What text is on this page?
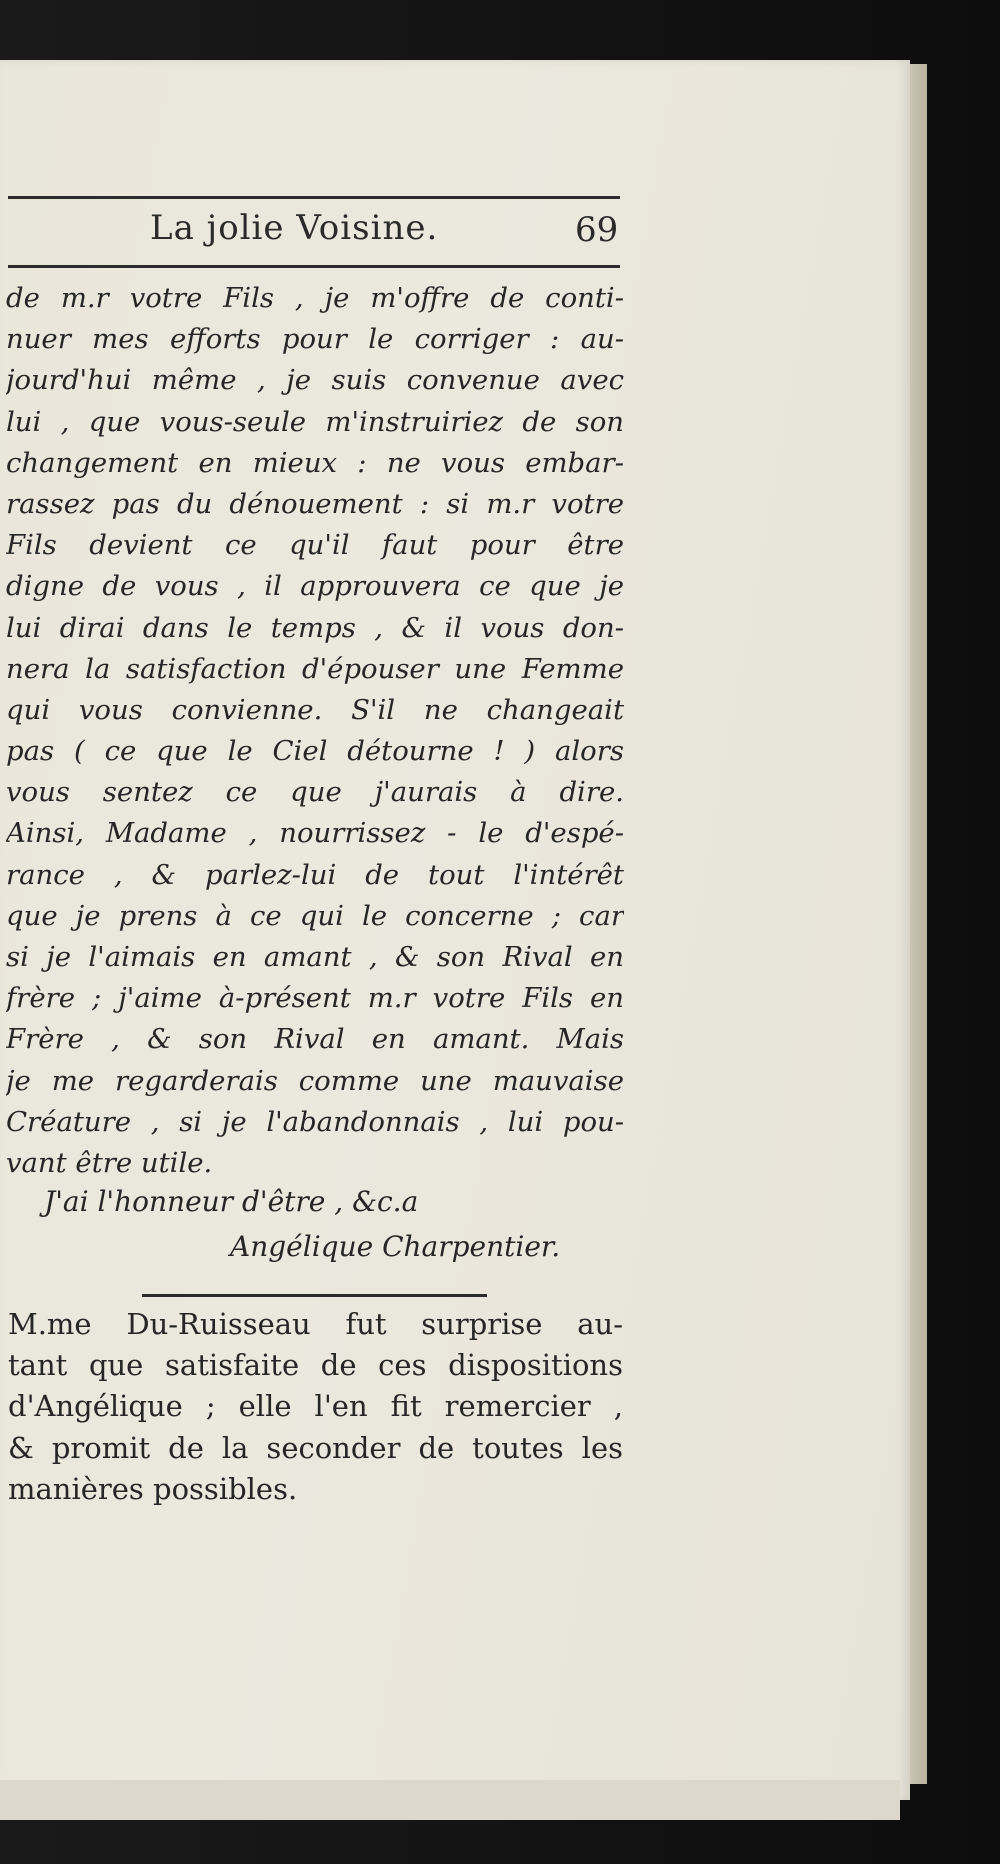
La jolie Voisine.	69
de m.r votre Fils , je m'offre de conti-
nuer mes efforts pour le corriger : au-
jourd'hui même , je suis convenue avec
lui , que vous-seule m'instruiriez de son
changement en mieux : ne vous embar-
rassez pas du dénouement : si m.r votre
Fils devient ce qu'il faut pour être
digne de vous , il approuvera ce que je
lui dirai dans le temps , & il vous don-
nera la satisfaction d'épouser une Femme
qui vous convienne. S'il ne changeait
pas ( ce que le Ciel détourne ! ) alors
vous sentez ce que j'aurais à dire.
Ainsi, Madame , nourrissez - le d'espé-
rance , & parlez-lui de tout l'intérêt
que je prens à ce qui le concerne ; car
si je l'aimais en amant , & son Rival en
frère ; j'aime à-présent m.r votre Fils en
Frère , & son Rival en amant. Mais
je me regarderais comme une mauvaise
Créature , si je l'abandonnais , lui pou-
vant être utile.
J'ai l'honneur d'être , &c.a
Angélique Charpentier.
M.me Du-Ruisseau fut surprise au-
tant que satisfaite de ces dispositions
d'Angélique ; elle l'en fit remercier ,
& promit de la seconder de toutes les
manières possibles.
